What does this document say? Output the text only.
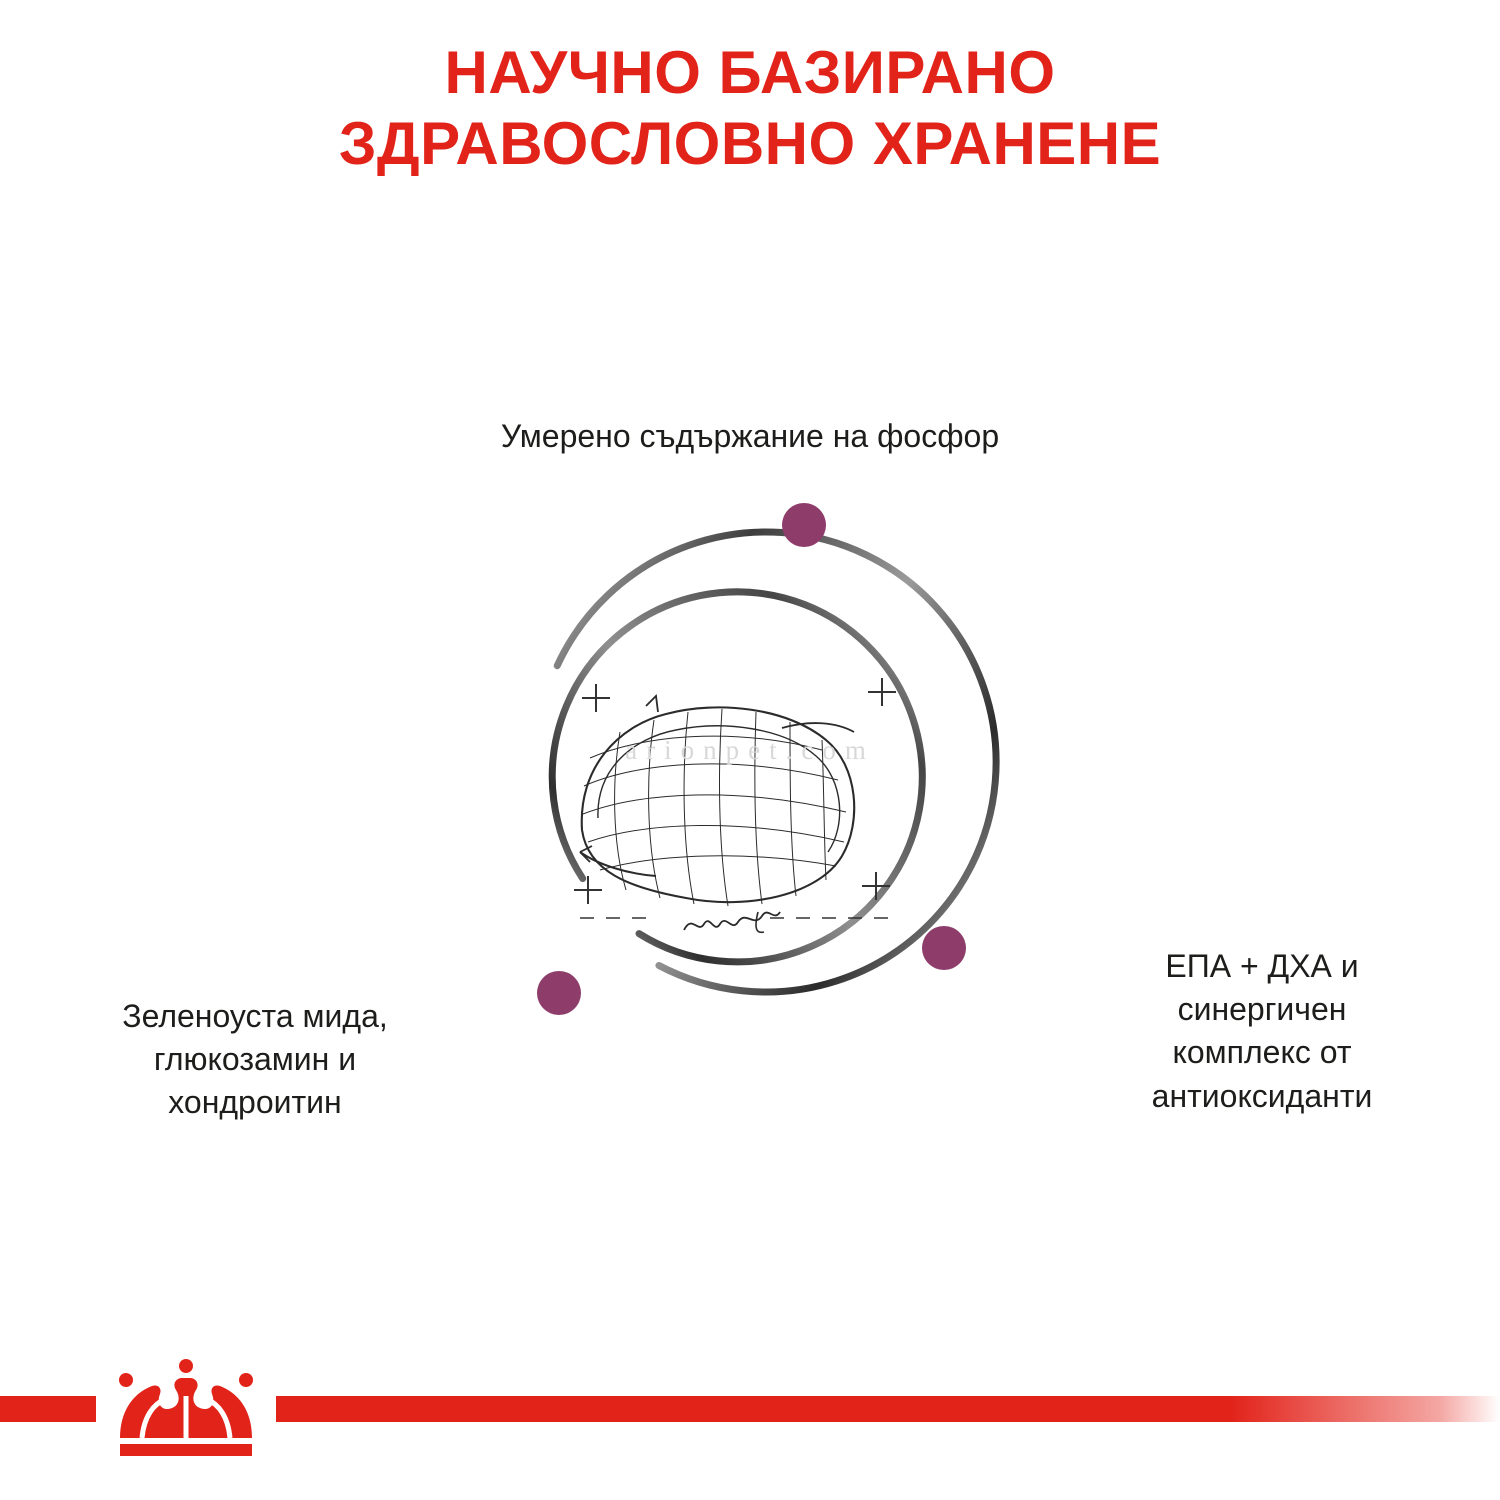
НАУЧНО БАЗИРАНО
ЗДРАВОСЛОВНО ХРАНЕНЕ
Умерено съдържание на фосфор
Зеленоуста мида,
глюкозамин и
хондроитин
ЕПА + ДХА и
синергичен
комплекс от
антиоксиданти
arionpet.com
